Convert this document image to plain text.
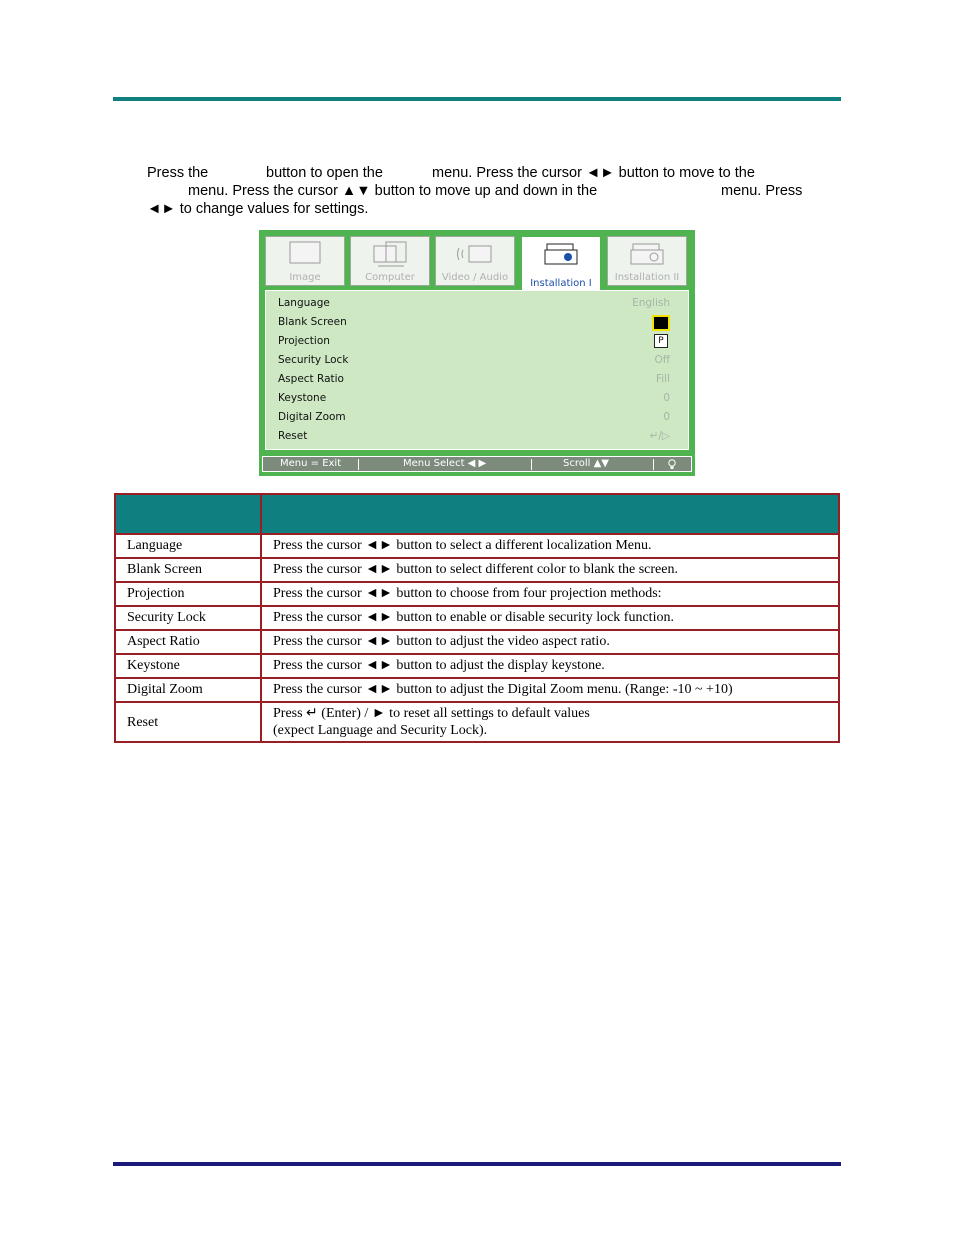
Press the	button to open the	menu. Press the cursor ◄► button to move to the
menu. Press the cursor ▲▼ button to move up and down in the	menu. Press
◄► to change values for settings.
Image	Computer	Video / Audio
Installation I
Installation II
Language	English
Blank Screen
Projection	P
Security Lock	Off
Aspect Ratio	Fill
Keystone	0
Digital Zoom	0
Reset	↵/▷
Menu = Exit	Menu Select ◀ ▶	Scroll ▲▼

Language	Press the cursor ◄► button to select a different localization Menu.
Blank Screen	Press the cursor ◄► button to select different color to blank the screen.
Projection	Press the cursor ◄► button to choose from four projection methods:
Security Lock	Press the cursor ◄► button to enable or disable security lock function.
Aspect Ratio	Press the cursor ◄► button to adjust the video aspect ratio.
Keystone	Press the cursor ◄► button to adjust the display keystone.
Digital Zoom	Press the cursor ◄► button to adjust the Digital Zoom menu. (Range: -10 ~ +10)
Reset	Press ↵ (Enter) / ► to reset all settings to default values
(expect Language and Security Lock).
